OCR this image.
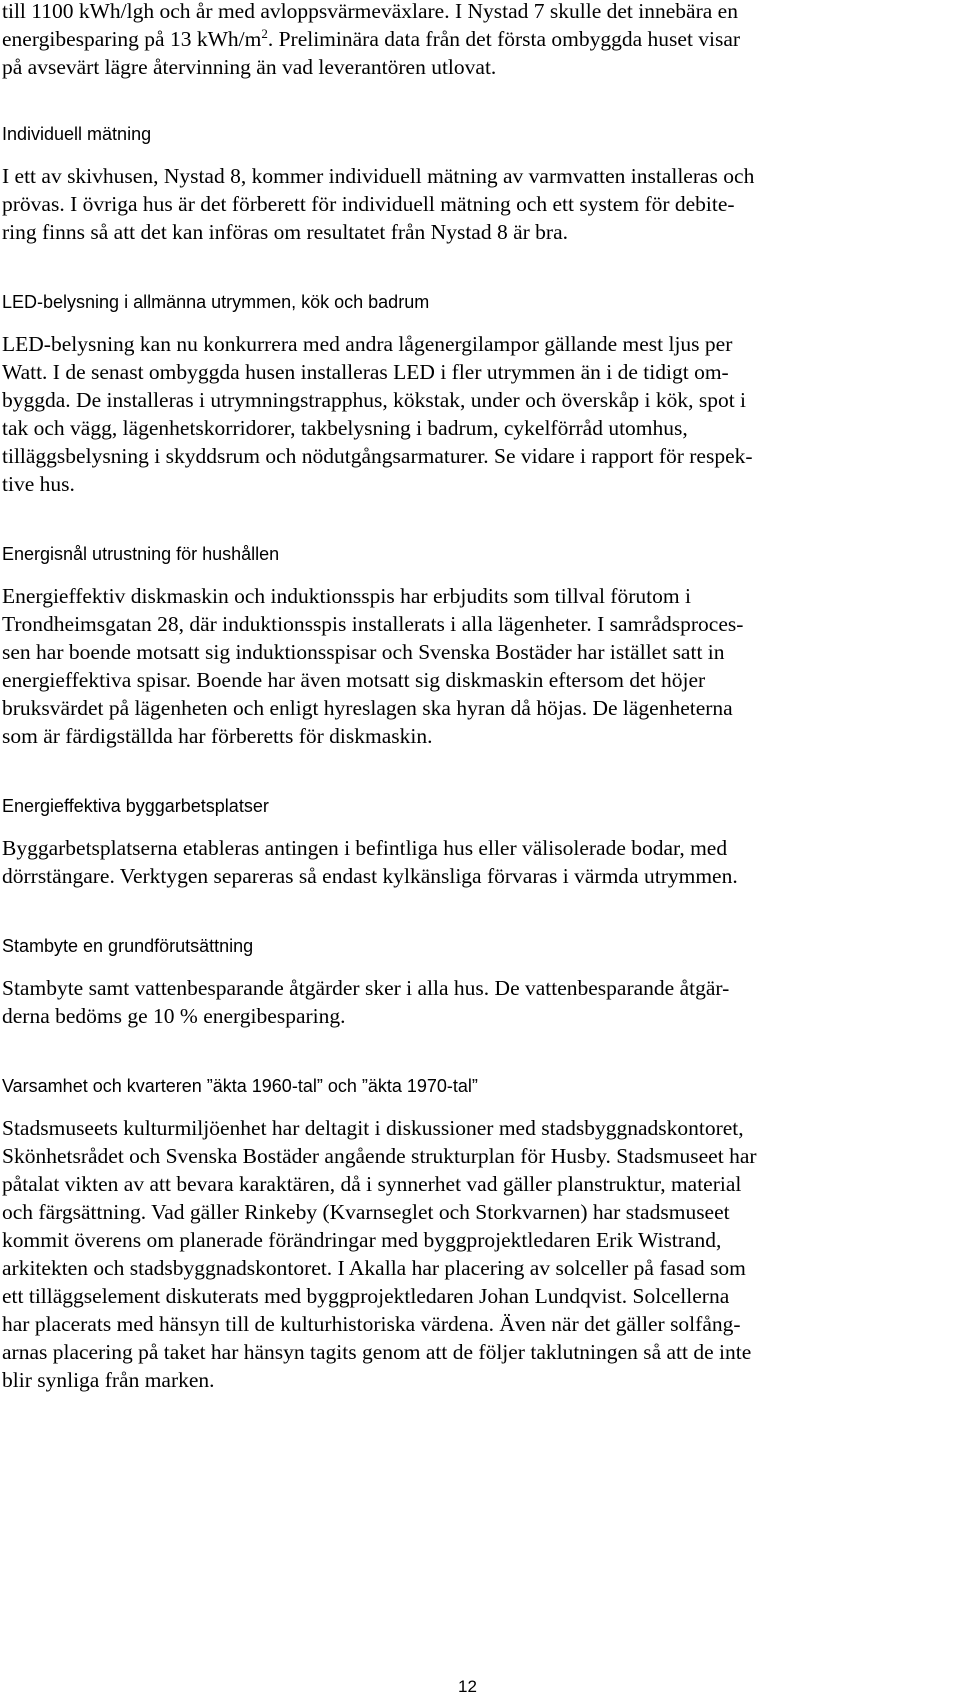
till 1100 kWh/lgh och år med avloppsvärmeväxlare. I Nystad 7 skulle det innebära en
energibesparing på 13 kWh/$m^2$. Preliminära data från det första ombyggda huset visar
på avsevärt lägre återvinning än vad leverantören utlovat.
Individuell mätning
I ett av skivhusen, Nystad 8, kommer individuell mätning av varmvatten installeras och
prövas. I övriga hus är det förberett för individuell mätning och ett system för debite-
ring finns så att det kan införas om resultatet från Nystad 8 är bra.
LED-belysning i allmänna utrymmen, kök och badrum
LED-belysning kan nu konkurrera med andra lågenergilampor gällande mest ljus per
Watt. I de senast ombyggda husen installeras LED i fler utrymmen än i de tidigt om-
byggda. De installeras i utrymningstrapphus, kökstak, under och överskåp i kök, spot i
tak och vägg, lägenhetskorridorer, takbelysning i badrum, cykelförråd utomhus,
tilläggsbelysning i skyddsrum och nödutgångsarmaturer. Se vidare i rapport för respek-
tive hus.
Energisnål utrustning för hushållen
Energieffektiv diskmaskin och induktionsspis har erbjudits som tillval förutom i
Trondheimsgatan 28, där induktionsspis installerats i alla lägenheter. I samrådsproces-
sen har boende motsatt sig induktionsspisar och Svenska Bostäder har istället satt in
energieffektiva spisar. Boende har även motsatt sig diskmaskin eftersom det höjer
bruksvärdet på lägenheten och enligt hyreslagen ska hyran då höjas. De lägenheterna
som är färdigställda har förberetts för diskmaskin.
Energieffektiva byggarbetsplatser
Byggarbetsplatserna etableras antingen i befintliga hus eller välisolerade bodar, med
dörrstängare. Verktygen separeras så endast kylkänsliga förvaras i värmda utrymmen.
Stambyte en grundförutsättning
Stambyte samt vattenbesparande åtgärder sker i alla hus. De vattenbesparande åtgär-
derna bedöms ge 10 % energibesparing.
Varsamhet och kvarteren ”äkta 1960-tal” och ”äkta 1970-tal”
Stadsmuseets kulturmiljöenhet har deltagit i diskussioner med stadsbyggnadskontoret,
Skönhetsrådet och Svenska Bostäder angående strukturplan för Husby. Stadsmuseet har
påtalat vikten av att bevara karaktären, då i synnerhet vad gäller planstruktur, material
och färgsättning. Vad gäller Rinkeby (Kvarnseglet och Storkvarnen) har stadsmuseet
kommit överens om planerade förändringar med byggprojektledaren Erik Wistrand,
arkitekten och stadsbyggnadskontoret. I Akalla har placering av solceller på fasad som
ett tilläggselement diskuterats med byggprojektledaren Johan Lundqvist. Solcellerna
har placerats med hänsyn till de kulturhistoriska värdena. Även när det gäller solfång-
arnas placering på taket har hänsyn tagits genom att de följer taklutningen så att de inte
blir synliga från marken.
12
